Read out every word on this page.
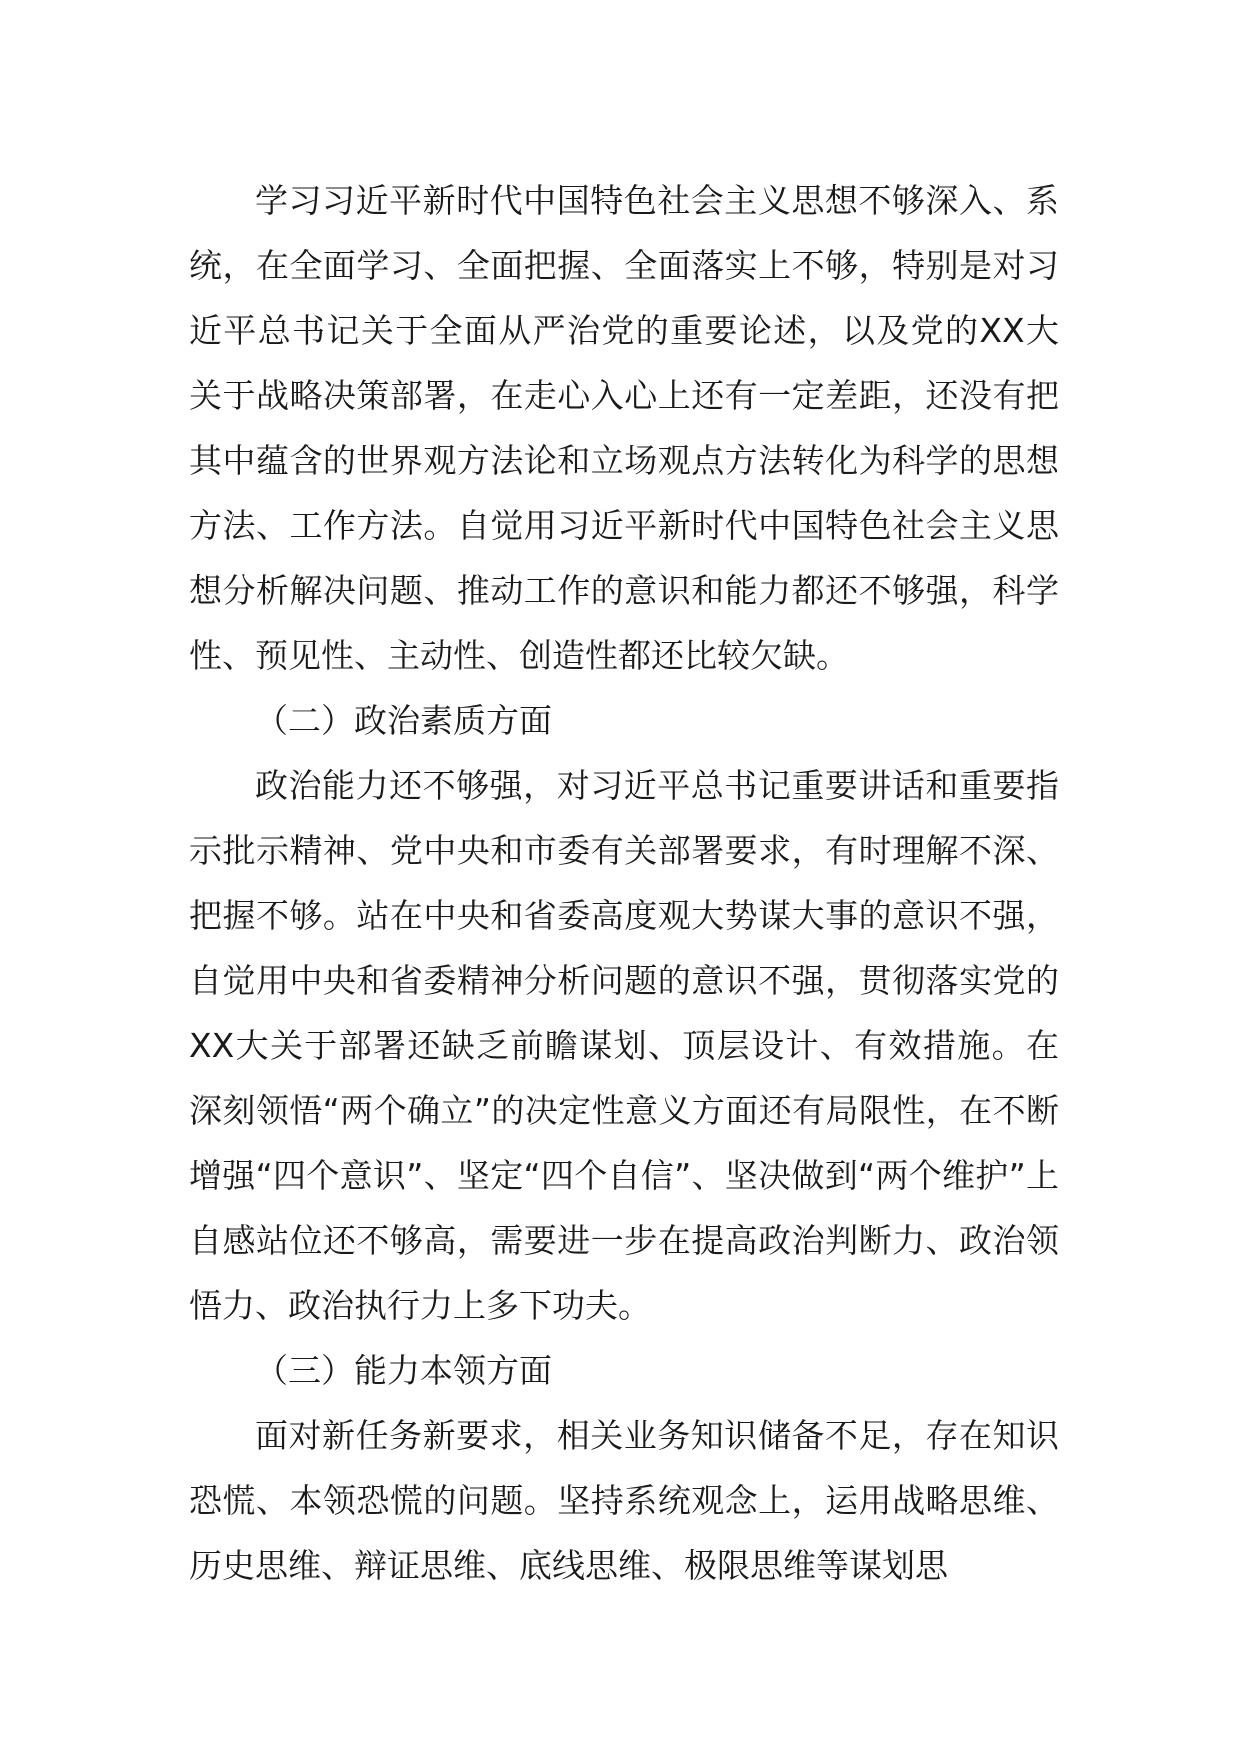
学习习近平新时代中国特色社会主义思想不够深入、系统，在全面学习、全面把握、全面落实上不够，特别是对习近平总书记关于全面从严治党的重要论述，以及党的XX大关于战略决策部署，在走心入心上还有一定差距，还没有把其中蕴含的世界观方法论和立场观点方法转化为科学的思想方法、工作方法。自觉用习近平新时代中国特色社会主义思想分析解决问题、推动工作的意识和能力都还不够强，科学性、预见性、主动性、创造性都还比较欠缺。

（二）政治素质方面

政治能力还不够强，对习近平总书记重要讲话和重要指示批示精神、党中央和市委有关部署要求，有时理解不深、把握不够。站在中央和省委高度观大势谋大事的意识不强，自觉用中央和省委精神分析问题的意识不强，贯彻落实党的XX大关于部署还缺乏前瞻谋划、顶层设计、有效措施。在深刻领悟“两个确立”的决定性意义方面还有局限性，在不断增强“四个意识”、坚定“四个自信”、坚决做到“两个维护”上自感站位还不够高，需要进一步在提高政治判断力、政治领悟力、政治执行力上多下功夫。

（三）能力本领方面

面对新任务新要求，相关业务知识储备不足，存在知识恐慌、本领恐慌的问题。坚持系统观念上，运用战略思维、历史思维、辩证思维、底线思维、极限思维等谋划思
